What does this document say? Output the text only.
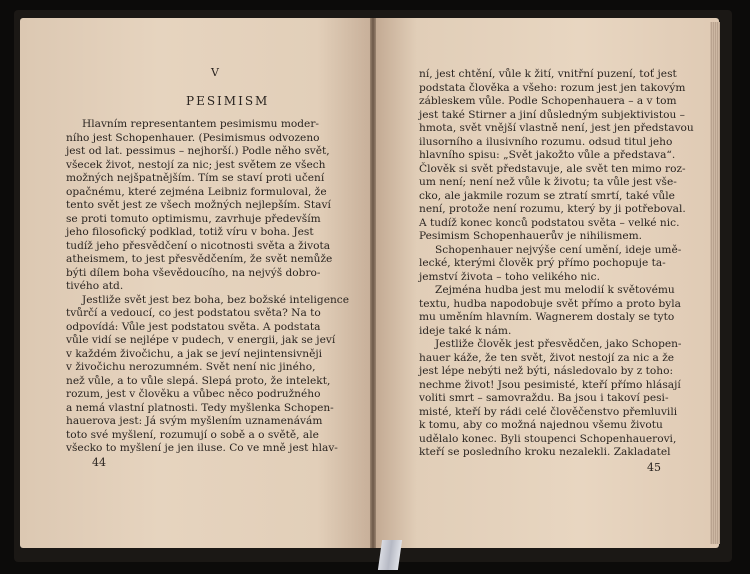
V
PESIMISM
Hlavním representantem pesimismu moder-
ního jest Schopenhauer. (Pesimismus odvozeno
jest od lat. pessimus – nejhorší.) Podle něho svět,
všecek život, nestojí za nic; jest světem ze všech
možných nejšpatnějším. Tím se staví proti učení
opačnému, které zejména Leibniz formuloval, že
tento svět jest ze všech možných nejlepším. Staví
se proti tomuto optimismu, zavrhuje především
jeho filosofický podklad, totiž víru v boha. Jest
tudíž jeho přesvědčení o nicotnosti světa a života
atheismem, to jest přesvědčením, že svět nemůže
býti dílem boha vševědoucího, na nejvýš dobro-
tivého atd.
Jestliže svět jest bez boha, bez božské inteligence
tvůrčí a vedoucí, co jest podstatou světa? Na to
odpovídá: Vůle jest podstatou světa. A podstata
vůle vidí se nejlépe v pudech, v energii, jak se jeví
v každém živočichu, a jak se jeví nejintensivněji
v živočichu nerozumném. Svět není nic jiného,
než vůle, a to vůle slepá. Slepá proto, že intelekt,
rozum, jest v člověku a vůbec něco podružného
a nemá vlastní platnosti. Tedy myšlenka Schopen-
hauerova jest: Já svým myšlením uznamenávám
toto své myšlení, rozumují o sobě a o světě, ale
všecko to myšlení je jen iluse. Co ve mně jest hlav-
ní, jest chtění, vůle k žití, vnitřní puzení, toť jest
podstata člověka a všeho: rozum jest jen takovým
zábleskem vůle. Podle Schopenhauera – a v tom
jest také Stirner a jiní důsledným subjektivistou –
hmota, svět vnější vlastně není, jest jen představou
ilusorního a ilusivního rozumu. odsud titul jeho
hlavního spisu: „Svět jakožto vůle a představa“.
Člověk si svět představuje, ale svět ten mimo roz-
um není; není než vůle k životu; ta vůle jest vše-
cko, ale jakmile rozum se ztratí smrtí, také vůle
není, protože není rozumu, který by ji potřeboval.
A tudíž konec konců podstatou světa – velké nic.
Pesimism Schopenhauerův je nihilismem.
Schopenhauer nejvýše cení umění, ideje umě-
lecké, kterými člověk prý přímo pochopuje ta-
jemství života – toho velikého nic.
Zejména hudba jest mu melodií k světovému
textu, hudba napodobuje svět přímo a proto byla
mu uměním hlavním. Wagnerem dostaly se tyto
ideje také k nám.
Jestliže člověk jest přesvědčen, jako Schopen-
hauer káže, že ten svět, život nestojí za nic a že
jest lépe nebýti než býti, následovalo by z toho:
nechme život! Jsou pesimisté, kteří přímo hlásají
voliti smrt – samovraždu. Ba jsou i takoví pesi-
misté, kteří by rádi celé člověčenstvo přemluvili
k tomu, aby co možná najednou všemu životu
udělalo konec. Byli stoupenci Schopenhauerovi,
kteří se posledního kroku nezalekli. Zakladatel
44	45
